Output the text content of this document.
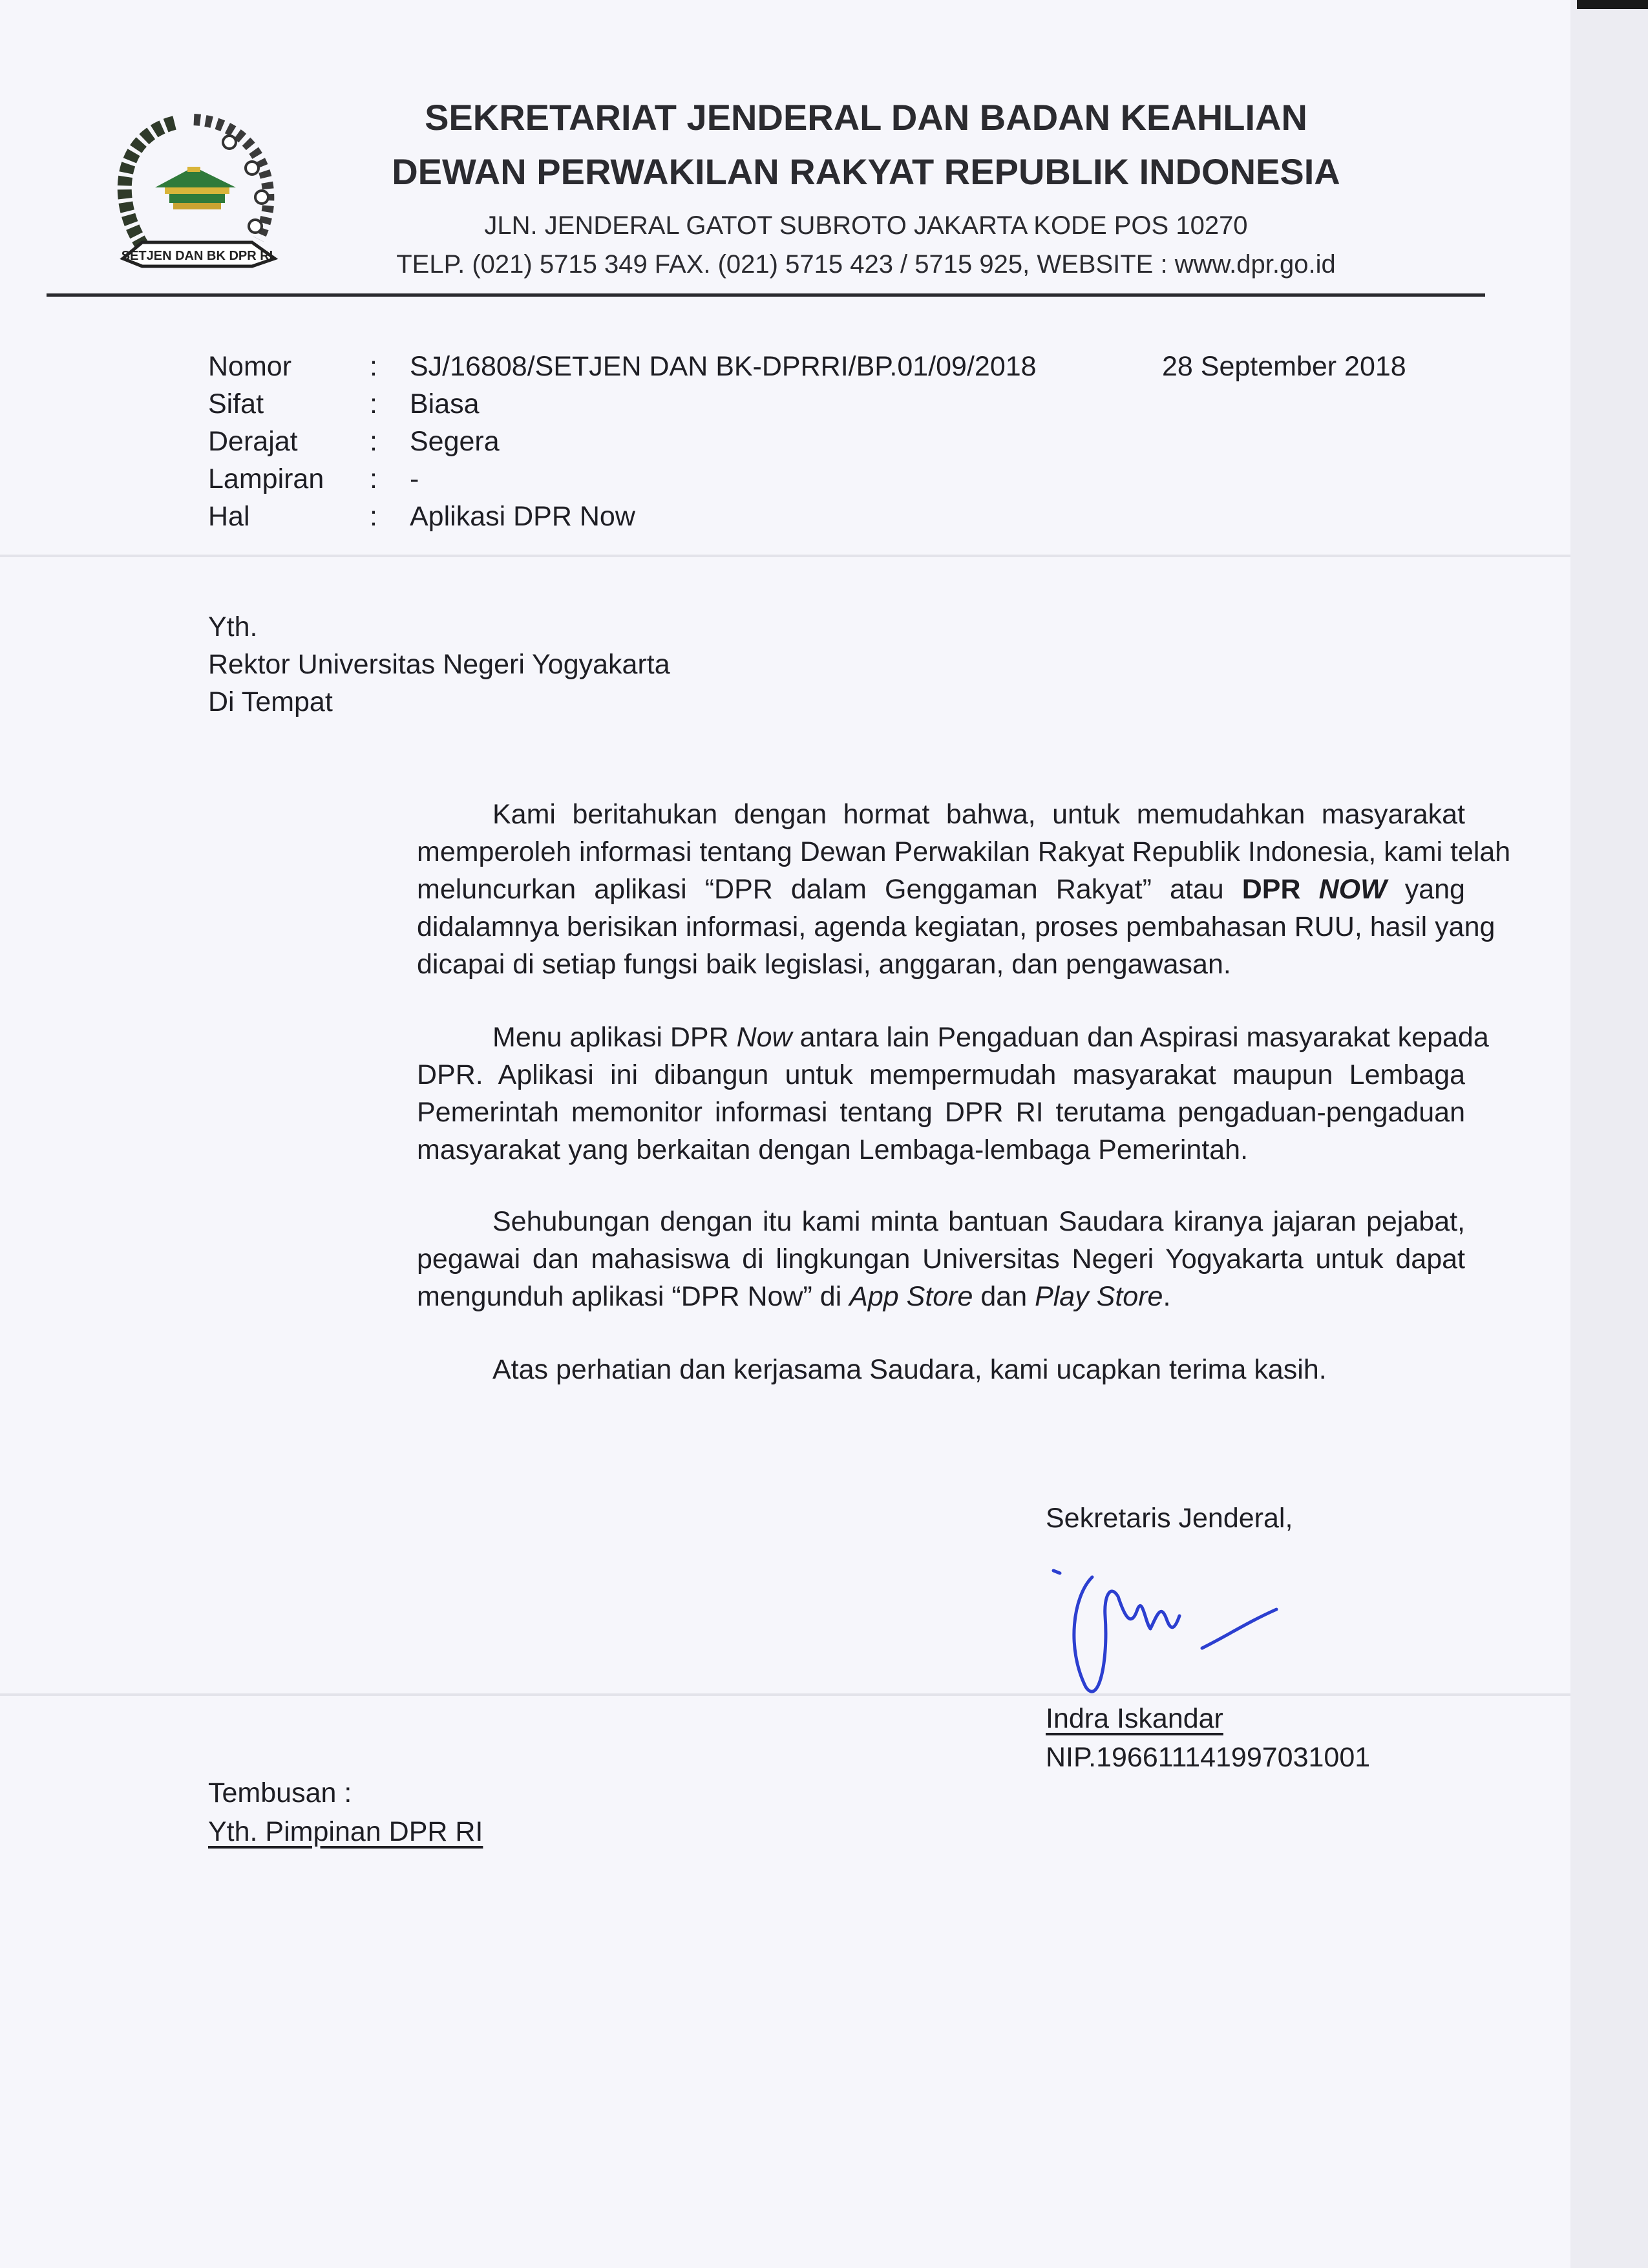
SETJEN DAN BK DPR RI
SEKRETARIAT JENDERAL DAN BADAN KEAHLIAN
DEWAN PERWAKILAN RAKYAT REPUBLIK INDONESIA
JLN. JENDERAL GATOT SUBROTO JAKARTA KODE POS 10270
TELP. (021) 5715 349 FAX. (021) 5715 423 / 5715 925, WEBSITE : www.dpr.go.id
28 September 2018
Nomor	: SJ/16808/SETJEN DAN BK-DPRRI/BP.01/09/2018
Sifat	: Biasa
Derajat	: Segera
Lampiran : -
Hal	: Aplikasi DPR Now
Yth.
Rektor Universitas Negeri Yogyakarta
Di Tempat
Kami beritahukan dengan hormat bahwa, untuk memudahkan masyarakat
memperoleh informasi tentang Dewan Perwakilan Rakyat Republik Indonesia, kami telah
meluncurkan aplikasi “DPR dalam Genggaman Rakyat” atau DPR NOW yang
didalamnya berisikan informasi, agenda kegiatan, proses pembahasan RUU, hasil yang
dicapai di setiap fungsi baik legislasi, anggaran, dan pengawasan.
Menu aplikasi DPR Now antara lain Pengaduan dan Aspirasi masyarakat kepada
DPR. Aplikasi ini dibangun untuk mempermudah masyarakat maupun Lembaga
Pemerintah memonitor informasi tentang DPR RI terutama pengaduan-pengaduan
masyarakat yang berkaitan dengan Lembaga-lembaga Pemerintah.
Sehubungan dengan itu kami minta bantuan Saudara kiranya jajaran pejabat,
pegawai dan mahasiswa di lingkungan Universitas Negeri Yogyakarta untuk dapat
mengunduh aplikasi “DPR Now” di App Store dan Play Store.
Atas perhatian dan kerjasama Saudara, kami ucapkan terima kasih.
Sekretaris Jenderal,
Indra Iskandar
NIP.196611141997031001
Tembusan :
Yth. Pimpinan DPR RI
